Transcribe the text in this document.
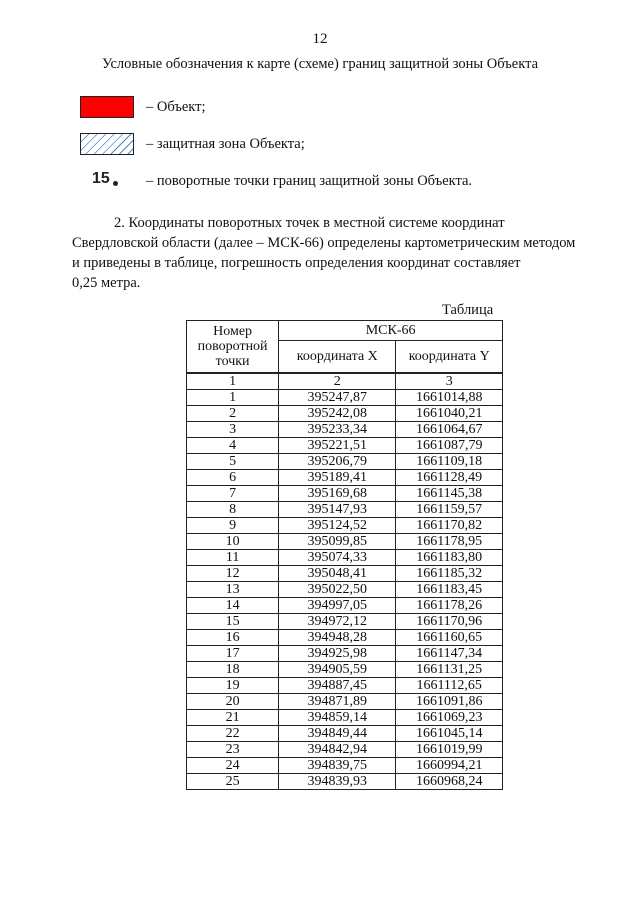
12
Условные обозначения к карте (схеме) границ защитной зоны Объекта
– Объект;
– защитная зона Объекта;
15	– поворотные точки границ защитной зоны Объекта.
2. Координаты поворотных точек в местной системе координат
Свердловской области (далее – МСК-66) определены картометрическим методом
и приведены в таблице, погрешность определения координат составляет
0,25 метра.
Таблица
Номер поворотной точки	МСК-66	
	координата X	координата Y
1	2	3
1	395247,87	1661014,88
2	395242,08	1661040,21
3	395233,34	1661064,67
4	395221,51	1661087,79
5	395206,79	1661109,18
6	395189,41	1661128,49
7	395169,68	1661145,38
8	395147,93	1661159,57
9	395124,52	1661170,82
10	395099,85	1661178,95
11	395074,33	1661183,80
12	395048,41	1661185,32
13	395022,50	1661183,45
14	394997,05	1661178,26
15	394972,12	1661170,96
16	394948,28	1661160,65
17	394925,98	1661147,34
18	394905,59	1661131,25
19	394887,45	1661112,65
20	394871,89	1661091,86
21	394859,14	1661069,23
22	394849,44	1661045,14
23	394842,94	1661019,99
24	394839,75	1660994,21
25	394839,93	1660968,24
